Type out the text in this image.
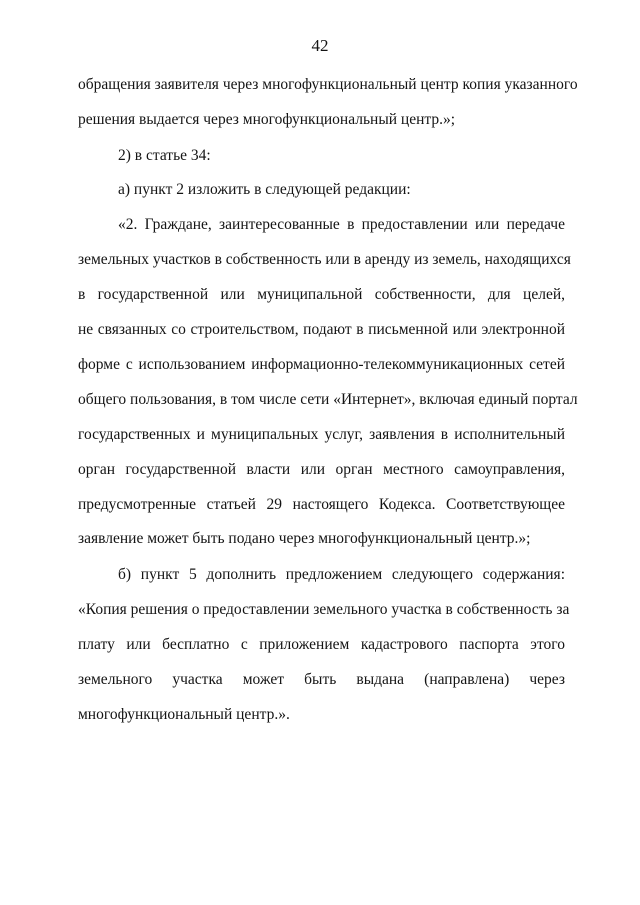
42
обращения заявителя через многофункциональный центр копия указанного
решения выдается через многофункциональный центр.»;
2) в статье 34:
а) пункт 2 изложить в следующей редакции:
«2. Граждане, заинтересованные в предоставлении или передаче
земельных участков в собственность или в аренду из земель, находящихся
в государственной или муниципальной собственности, для целей,
не связанных со строительством, подают в письменной или электронной
форме с использованием информационно-телекоммуникационных сетей
общего пользования, в том числе сети «Интернет», включая единый портал
государственных и муниципальных услуг, заявления в исполнительный
орган государственной власти или орган местного самоуправления,
предусмотренные статьей 29 настоящего Кодекса. Соответствующее
заявление может быть подано через многофункциональный центр.»;
б) пункт 5 дополнить предложением следующего содержания:
«Копия решения о предоставлении земельного участка в собственность за
плату или бесплатно с приложением кадастрового паспорта этого
земельного участка может быть выдана (направлена) через
многофункциональный центр.».
